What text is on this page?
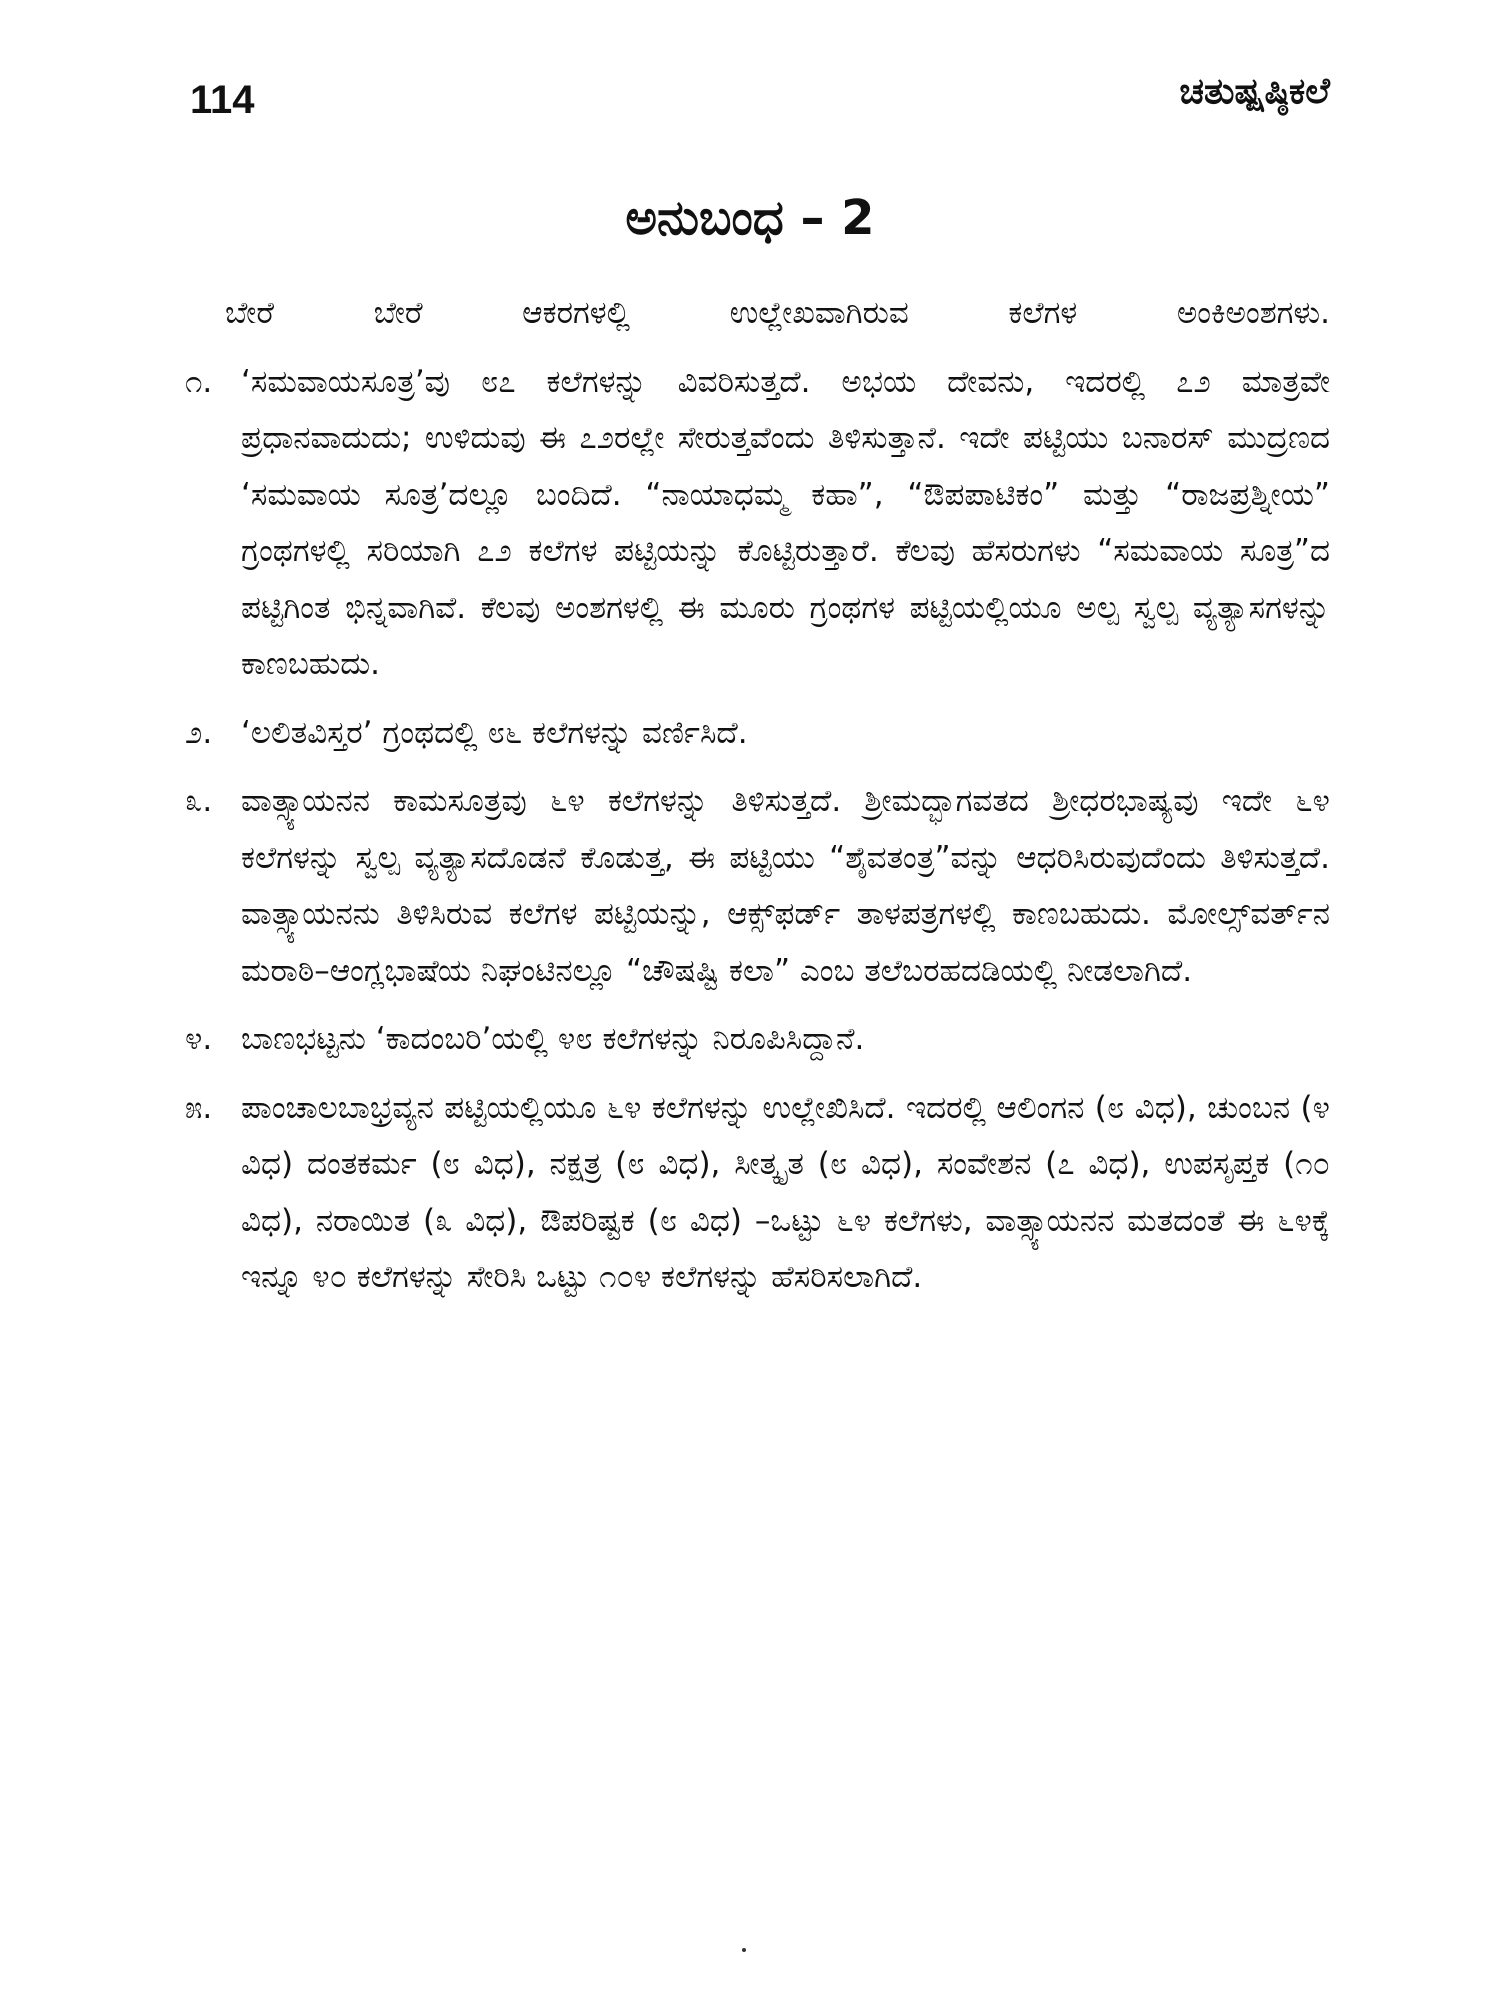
114	ಚತುಷ್ಷಷ್ಠಿಕಲೆ
ಅನುಬಂಧ – 2

ಬೇರೆ ಬೇರೆ ಆಕರಗಳಲ್ಲಿ ಉಲ್ಲೇಖವಾಗಿರುವ ಕಲೆಗಳ ಅಂಕಿಅಂಶಗಳು.

೧. ‘ಸಮವಾಯಸೂತ್ರ’ವು ೮೭ ಕಲೆಗಳನ್ನು ವಿವರಿಸುತ್ತದೆ. ಅಭಯ ದೇವನು, ಇದರಲ್ಲಿ ೭೨ ಮಾತ್ರವೇ ಪ್ರಧಾನವಾದುದು; ಉಳಿದುವು ಈ ೭೨ರಲ್ಲೇ ಸೇರುತ್ತವೆಂದು ತಿಳಿಸುತ್ತಾನೆ. ಇದೇ ಪಟ್ಟಿಯು ಬನಾರಸ್ ಮುದ್ರಣದ ‘ಸಮವಾಯ ಸೂತ್ರ’ದಲ್ಲೂ ಬಂದಿದೆ. “ನಾಯಾಧಮ್ಮ ಕಹಾ”, “ಔಪಪಾಟಿಕಂ” ಮತ್ತು “ರಾಜಪ್ರಶ್ನೀಯ” ಗ್ರಂಥಗಳಲ್ಲಿ ಸರಿಯಾಗಿ ೭೨ ಕಲೆಗಳ ಪಟ್ಟಿಯನ್ನು ಕೊಟ್ಟಿರುತ್ತಾರೆ. ಕೆಲವು ಹೆಸರುಗಳು “ಸಮವಾಯ ಸೂತ್ರ”ದ ಪಟ್ಟಿಗಿಂತ ಭಿನ್ನವಾಗಿವೆ. ಕೆಲವು ಅಂಶಗಳಲ್ಲಿ ಈ ಮೂರು ಗ್ರಂಥಗಳ ಪಟ್ಟಿಯಲ್ಲಿಯೂ ಅಲ್ಪ ಸ್ವಲ್ಪ ವ್ಯತ್ಯಾಸಗಳನ್ನು ಕಾಣಬಹುದು.
೨. ‘ಲಲಿತವಿಸ್ತರ’ ಗ್ರಂಥದಲ್ಲಿ ೮೬ ಕಲೆಗಳನ್ನು ವರ್ಣಿಸಿದೆ.
೩. ವಾತ್ಸ್ಯಾಯನನ ಕಾಮಸೂತ್ರವು ೬೪ ಕಲೆಗಳನ್ನು ತಿಳಿಸುತ್ತದೆ. ಶ್ರೀಮದ್ಭಾಗವತದ ಶ್ರೀಧರಭಾಷ್ಯವು ಇದೇ ೬೪ ಕಲೆಗಳನ್ನು ಸ್ವಲ್ಪ ವ್ಯತ್ಯಾಸದೊಡನೆ ಕೊಡುತ್ತ, ಈ ಪಟ್ಟಿಯು “ಶೈವತಂತ್ರ”ವನ್ನು ಆಧರಿಸಿರುವುದೆಂದು ತಿಳಿಸುತ್ತದೆ. ವಾತ್ಸ್ಯಾಯನನು ತಿಳಿಸಿರುವ ಕಲೆಗಳ ಪಟ್ಟಿಯನ್ನು, ಆಕ್ಸ್‌ಫರ್ಡ್ ತಾಳಪತ್ರಗಳಲ್ಲಿ ಕಾಣಬಹುದು. ಮೋಲ್ಸ್‌ವರ್ತ್‌ನ ಮರಾಠಿ–ಆಂಗ್ಲಭಾಷೆಯ ನಿಘಂಟಿನಲ್ಲೂ “ಚೌಷಷ್ಟಿ ಕಲಾ” ಎಂಬ ತಲೆಬರಹದಡಿಯಲ್ಲಿ ನೀಡಲಾಗಿದೆ.
೪. ಬಾಣಭಟ್ಟನು ‘ಕಾದಂಬರಿ’ಯಲ್ಲಿ ೪೮ ಕಲೆಗಳನ್ನು ನಿರೂಪಿಸಿದ್ದಾನೆ.
೫. ಪಾಂಚಾಲಬಾಭ್ರವ್ಯನ ಪಟ್ಟಿಯಲ್ಲಿಯೂ ೬೪ ಕಲೆಗಳನ್ನು ಉಲ್ಲೇಖಿಸಿದೆ. ಇದರಲ್ಲಿ ಆಲಿಂಗನ (೮ ವಿಧ), ಚುಂಬನ (೪ ವಿಧ) ದಂತಕರ್ಮ (೮ ವಿಧ), ನಕ್ಷತ್ರ (೮ ವಿಧ), ಸೀತ್ಕೃತ (೮ ವಿಧ), ಸಂವೇಶನ (೭ ವಿಧ), ಉಪಸೃಪ್ತಕ (೧೦ ವಿಧ), ನರಾಯಿತ (೩ ವಿಧ), ಔಪರಿಷ್ಟಕ (೮ ವಿಧ) –ಒಟ್ಟು ೬೪ ಕಲೆಗಳು, ವಾತ್ಸ್ಯಾಯನನ ಮತದಂತೆ ಈ ೬೪ಕ್ಕೆ ಇನ್ನೂ ೪೦ ಕಲೆಗಳನ್ನು ಸೇರಿಸಿ ಒಟ್ಟು ೧೦೪ ಕಲೆಗಳನ್ನು ಹೆಸರಿಸಲಾಗಿದೆ.
